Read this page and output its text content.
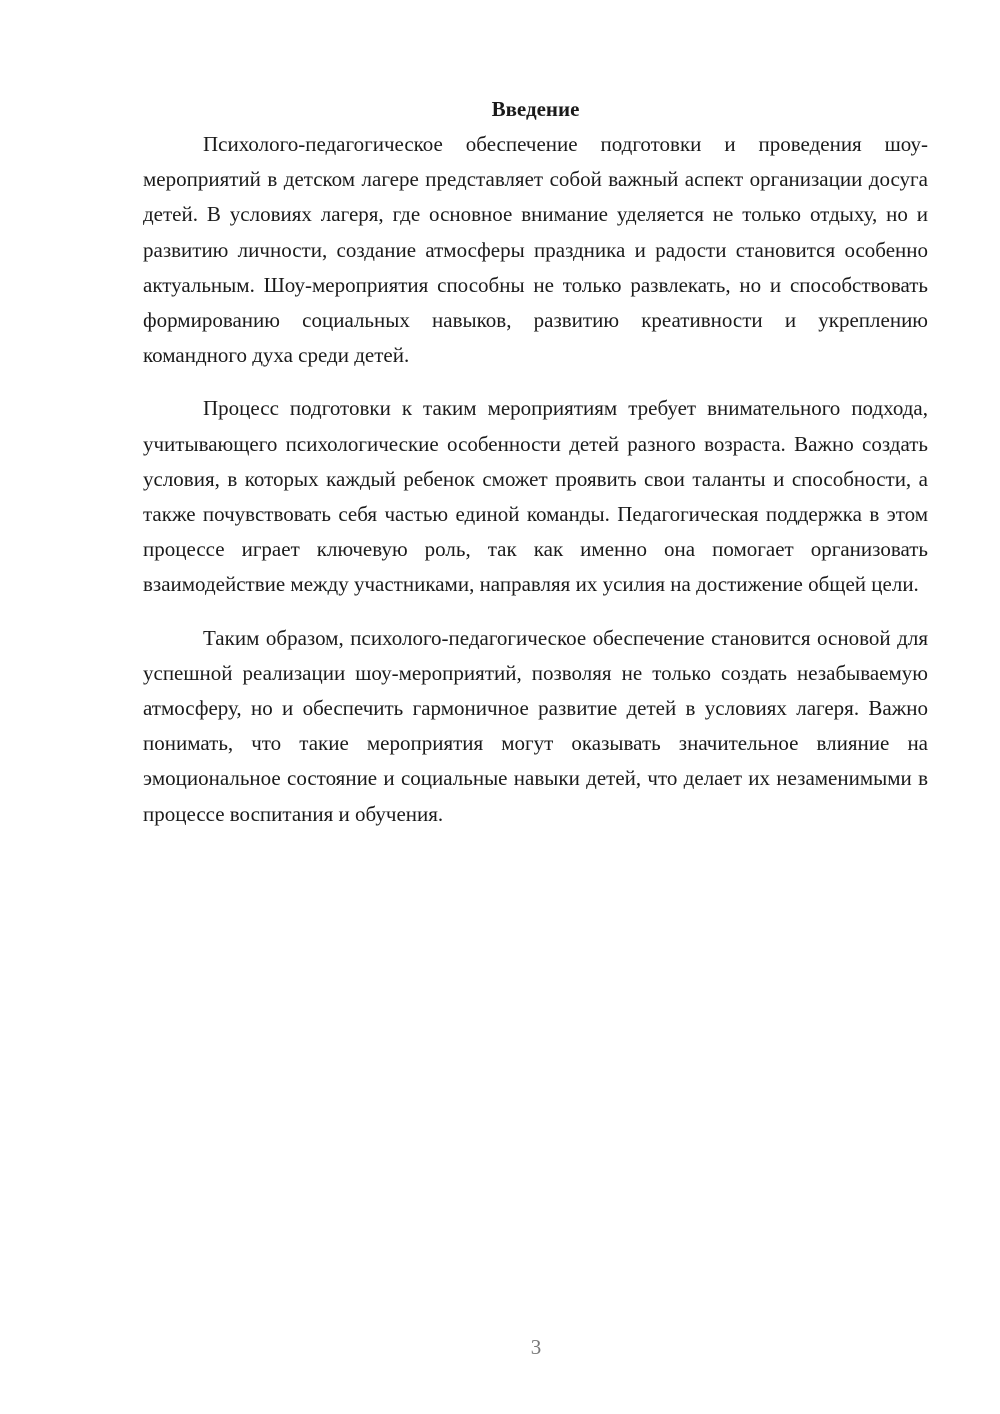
Введение

Психолого-педагогическое обеспечение подготовки и проведения шоу-мероприятий в детском лагере представляет собой важный аспект организации досуга детей. В условиях лагеря, где основное внимание уделяется не только отдыху, но и развитию личности, создание атмосферы праздника и радости становится особенно актуальным. Шоу-мероприятия способны не только развлекать, но и способствовать формированию социальных навыков, развитию креативности и укреплению командного духа среди детей.

Процесс подготовки к таким мероприятиям требует внимательного подхода, учитывающего психологические особенности детей разного возраста. Важно создать условия, в которых каждый ребенок сможет проявить свои таланты и способности, а также почувствовать себя частью единой команды. Педагогическая поддержка в этом процессе играет ключевую роль, так как именно она помогает организовать взаимодействие между участниками, направляя их усилия на достижение общей цели.

Таким образом, психолого-педагогическое обеспечение становится основой для успешной реализации шоу-мероприятий, позволяя не только создать незабываемую атмосферу, но и обеспечить гармоничное развитие детей в условиях лагеря. Важно понимать, что такие мероприятия могут оказывать значительное влияние на эмоциональное состояние и социальные навыки детей, что делает их незаменимыми в процессе воспитания и обучения.

3
